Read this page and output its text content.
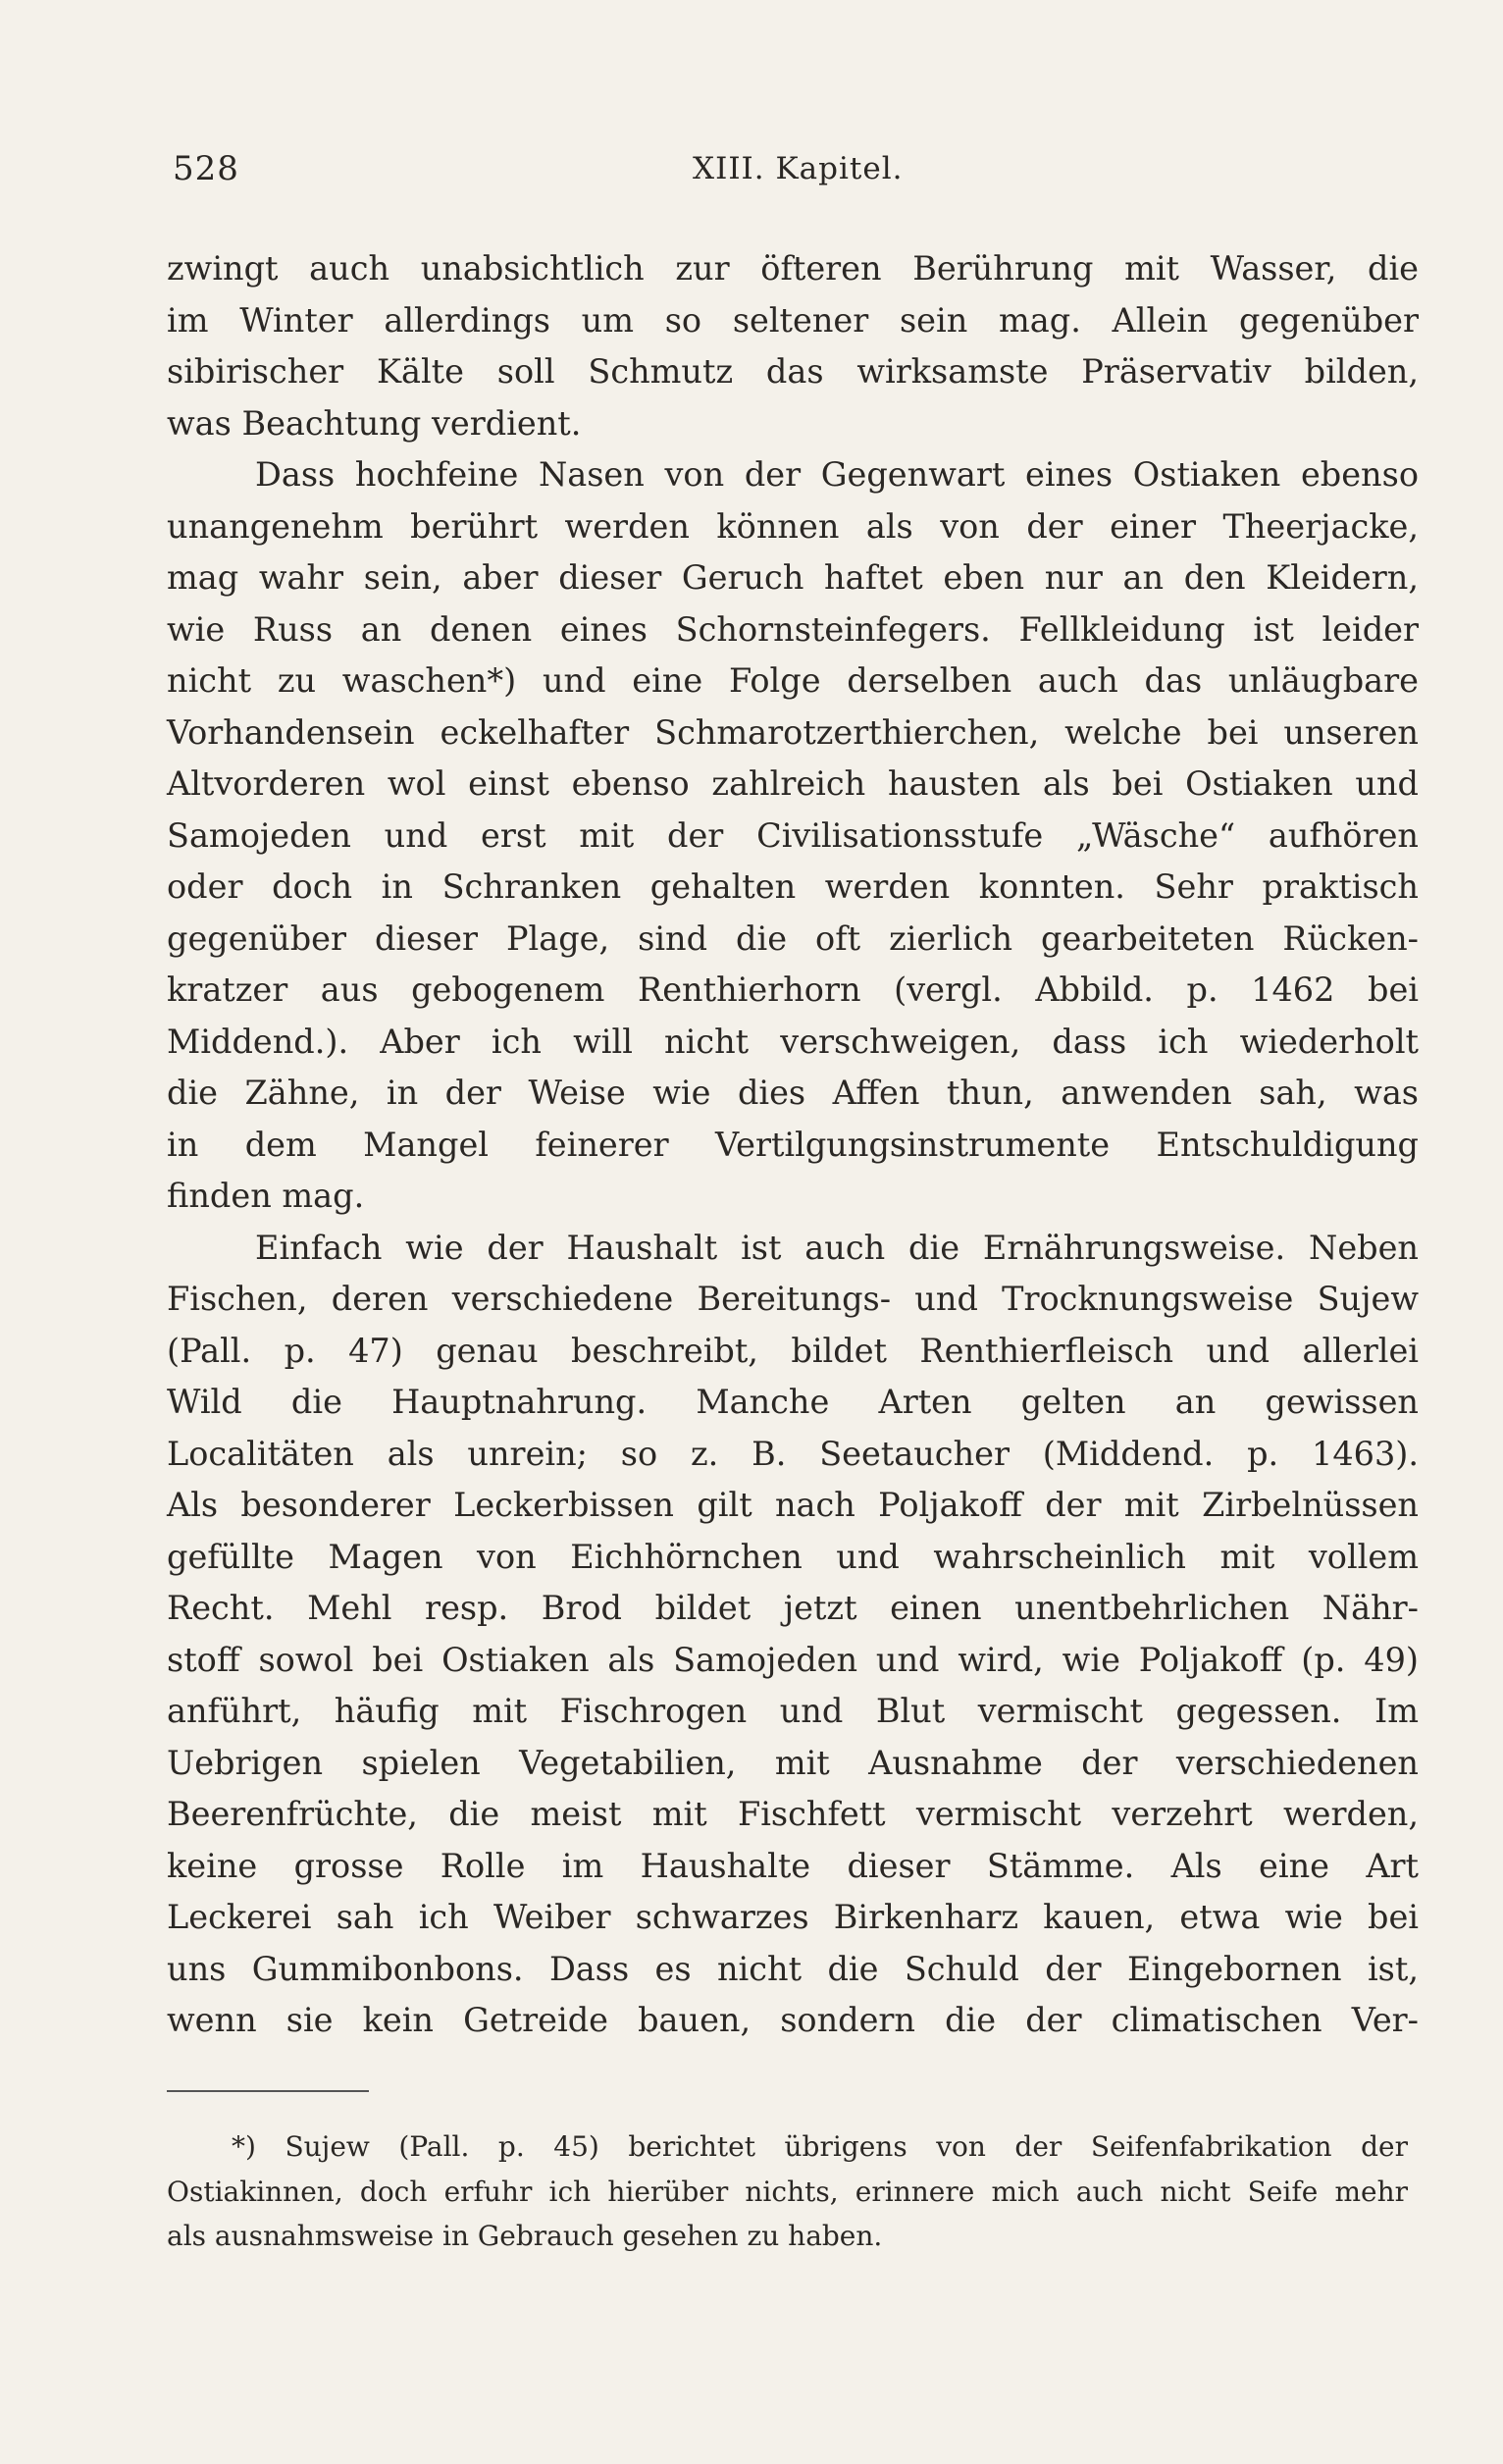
528	XIII. Kapitel.
zwingt auch unabsichtlich zur öfteren Berührung mit Wasser, die
im Winter allerdings um so seltener sein mag. Allein gegenüber
sibirischer Kälte soll Schmutz das wirksamste Präservativ bilden,
was Beachtung verdient.
Dass hochfeine Nasen von der Gegenwart eines Ostiaken ebenso
unangenehm berührt werden können als von der einer Theerjacke,
mag wahr sein, aber dieser Geruch haftet eben nur an den Kleidern,
wie Russ an denen eines Schornsteinfegers. Fellkleidung ist leider
nicht zu waschen*) und eine Folge derselben auch das unläugbare
Vorhandensein eckelhafter Schmarotzerthierchen, welche bei unseren
Altvorderen wol einst ebenso zahlreich hausten als bei Ostiaken und
Samojeden und erst mit der Civilisationsstufe „Wäsche“ aufhören
oder doch in Schranken gehalten werden konnten. Sehr praktisch
gegenüber dieser Plage, sind die oft zierlich gearbeiteten Rücken-
kratzer aus gebogenem Renthierhorn (vergl. Abbild. p. 1462 bei
Middend.). Aber ich will nicht verschweigen, dass ich wiederholt
die Zähne, in der Weise wie dies Affen thun, anwenden sah, was
in dem Mangel feinerer Vertilgungsinstrumente Entschuldigung
finden mag.
Einfach wie der Haushalt ist auch die Ernährungsweise. Neben
Fischen, deren verschiedene Bereitungs- und Trocknungsweise Sujew
(Pall. p. 47) genau beschreibt, bildet Renthierfleisch und allerlei
Wild die Hauptnahrung. Manche Arten gelten an gewissen
Localitäten als unrein; so z. B. Seetaucher (Middend. p. 1463).
Als besonderer Leckerbissen gilt nach Poljakoff der mit Zirbelnüssen
gefüllte Magen von Eichhörnchen und wahrscheinlich mit vollem
Recht. Mehl resp. Brod bildet jetzt einen unentbehrlichen Nähr-
stoff sowol bei Ostiaken als Samojeden und wird, wie Poljakoff (p. 49)
anführt, häufig mit Fischrogen und Blut vermischt gegessen. Im
Uebrigen spielen Vegetabilien, mit Ausnahme der verschiedenen
Beerenfrüchte, die meist mit Fischfett vermischt verzehrt werden,
keine grosse Rolle im Haushalte dieser Stämme. Als eine Art
Leckerei sah ich Weiber schwarzes Birkenharz kauen, etwa wie bei
uns Gummibonbons. Dass es nicht die Schuld der Eingebornen ist,
wenn sie kein Getreide bauen, sondern die der climatischen Ver-
*) Sujew (Pall. p. 45) berichtet übrigens von der Seifenfabrikation der
Ostiakinnen, doch erfuhr ich hierüber nichts, erinnere mich auch nicht Seife mehr
als ausnahmsweise in Gebrauch gesehen zu haben.
